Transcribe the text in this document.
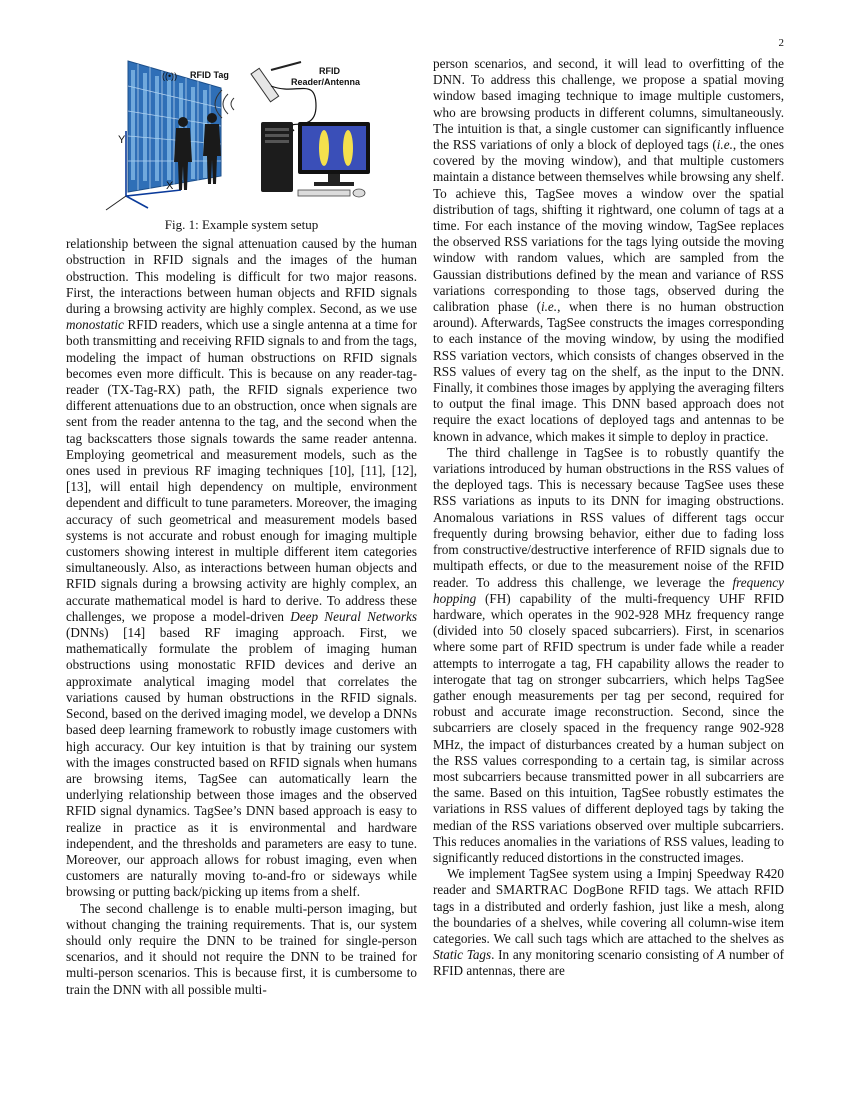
2
((•)) RFID Tag	RFID
Reader/Antenna
Y
X

Fig. 1: Example system setup

relationship between the signal attenuation caused by the human obstruction in RFID signals and the images of the human obstruction. This modeling is difficult for two major reasons. First, the interactions between human objects and RFID signals during a browsing activity are highly complex. Second, as we use monostatic RFID readers, which use a single antenna at a time for both transmitting and receiving RFID signals to and from the tags, modeling the impact of human obstructions on RFID signals becomes even more difficult. This is because on any reader-tag-reader (TX-Tag-RX) path, the RFID signals experience two different attenuations due to an obstruction, once when signals are sent from the reader antenna to the tag, and the second when the tag backscatters those signals towards the same reader antenna. Employing geometrical and measurement models, such as the ones used in previous RF imaging techniques [10], [11], [12], [13], will entail high dependency on multiple, environment dependent and difficult to tune parameters. Moreover, the imaging accuracy of such geometrical and measurement models based systems is not accurate and robust enough for imaging multiple customers showing interest in multiple different item categories simultaneously. Also, as interactions between human objects and RFID signals during a browsing activity are highly complex, an accurate mathematical model is hard to derive. To address these challenges, we propose a model-driven Deep Neural Networks (DNNs) [14] based RF imaging approach. First, we mathematically formulate the problem of imaging human obstructions using monostatic RFID devices and derive an approximate analytical imaging model that correlates the variations caused by human obstructions in the RFID signals. Second, based on the derived imaging model, we develop a DNNs based deep learning framework to robustly image customers with high accuracy. Our key intuition is that by training our system with the images constructed based on RFID signals when humans are browsing items, TagSee can automatically learn the underlying relationship between those images and the observed RFID signal dynamics. TagSee’s DNN based approach is easy to realize in practice as it is environmental and hardware independent, and the thresholds and parameters are easy to tune. Moreover, our approach allows for robust imaging, even when customers are naturally moving to-and-fro or sideways while browsing or putting back/picking up items from a shelf.

The second challenge is to enable multi-person imaging, but without changing the training requirements. That is, our system should only require the DNN to be trained for single-person scenarios, and it should not require the DNN to be trained for multi-person scenarios. This is because first, it is cumbersome to train the DNN with all possible multi-

person scenarios, and second, it will lead to overfitting of the DNN. To address this challenge, we propose a spatial moving window based imaging technique to image multiple customers, who are browsing products in different columns, simultaneously. The intuition is that, a single customer can significantly influence the RSS variations of only a block of deployed tags (i.e., the ones covered by the moving window), and that multiple customers maintain a distance between themselves while browsing any shelf. To achieve this, TagSee moves a window over the spatial distribution of tags, shifting it rightward, one column of tags at a time. For each instance of the moving window, TagSee replaces the observed RSS variations for the tags lying outside the moving window with random values, which are sampled from the Gaussian distributions defined by the mean and variance of RSS variations corresponding to those tags, observed during the calibration phase (i.e., when there is no human obstruction around). Afterwards, TagSee constructs the images corresponding to each instance of the moving window, by using the modified RSS variation vectors, which consists of changes observed in the RSS values of every tag on the shelf, as the input to the DNN. Finally, it combines those images by applying the averaging filters to output the final image. This DNN based approach does not require the exact locations of deployed tags and antennas to be known in advance, which makes it simple to deploy in practice.

The third challenge in TagSee is to robustly quantify the variations introduced by human obstructions in the RSS values of the deployed tags. This is necessary because TagSee uses these RSS variations as inputs to its DNN for imaging obstructions. Anomalous variations in RSS values of different tags occur frequently during browsing behavior, either due to fading loss from constructive/destructive interference of RFID signals due to multipath effects, or due to the measurement noise of the RFID reader. To address this challenge, we leverage the frequency hopping (FH) capability of the multi-frequency UHF RFID hardware, which operates in the 902-928 MHz frequency range (divided into 50 closely spaced subcarriers). First, in scenarios where some part of RFID spectrum is under fade while a reader attempts to interrogate a tag, FH capability allows the reader to interogate that tag on stronger subcarriers, which helps TagSee gather enough measurements per tag per second, required for robust and accurate image reconstruction. Second, since the subcarriers are closely spaced in the frequency range 902-928 MHz, the impact of disturbances created by a human subject on the RSS values corresponding to a certain tag, is similar across most subcarriers because transmitted power in all subcarriers are the same. Based on this intuition, TagSee robustly estimates the variations in RSS values of different deployed tags by taking the median of the RSS variations observed over multiple subcarriers. This reduces anomalies in the variations of RSS values, leading to significantly reduced distortions in the constructed images.

We implement TagSee system using a Impinj Speedway R420 reader and SMARTRAC DogBone RFID tags. We attach RFID tags in a distributed and orderly fashion, just like a mesh, along the boundaries of a shelves, while covering all column-wise item categories. We call such tags which are attached to the shelves as Static Tags. In any monitoring scenario consisting of A number of RFID antennas, there are
